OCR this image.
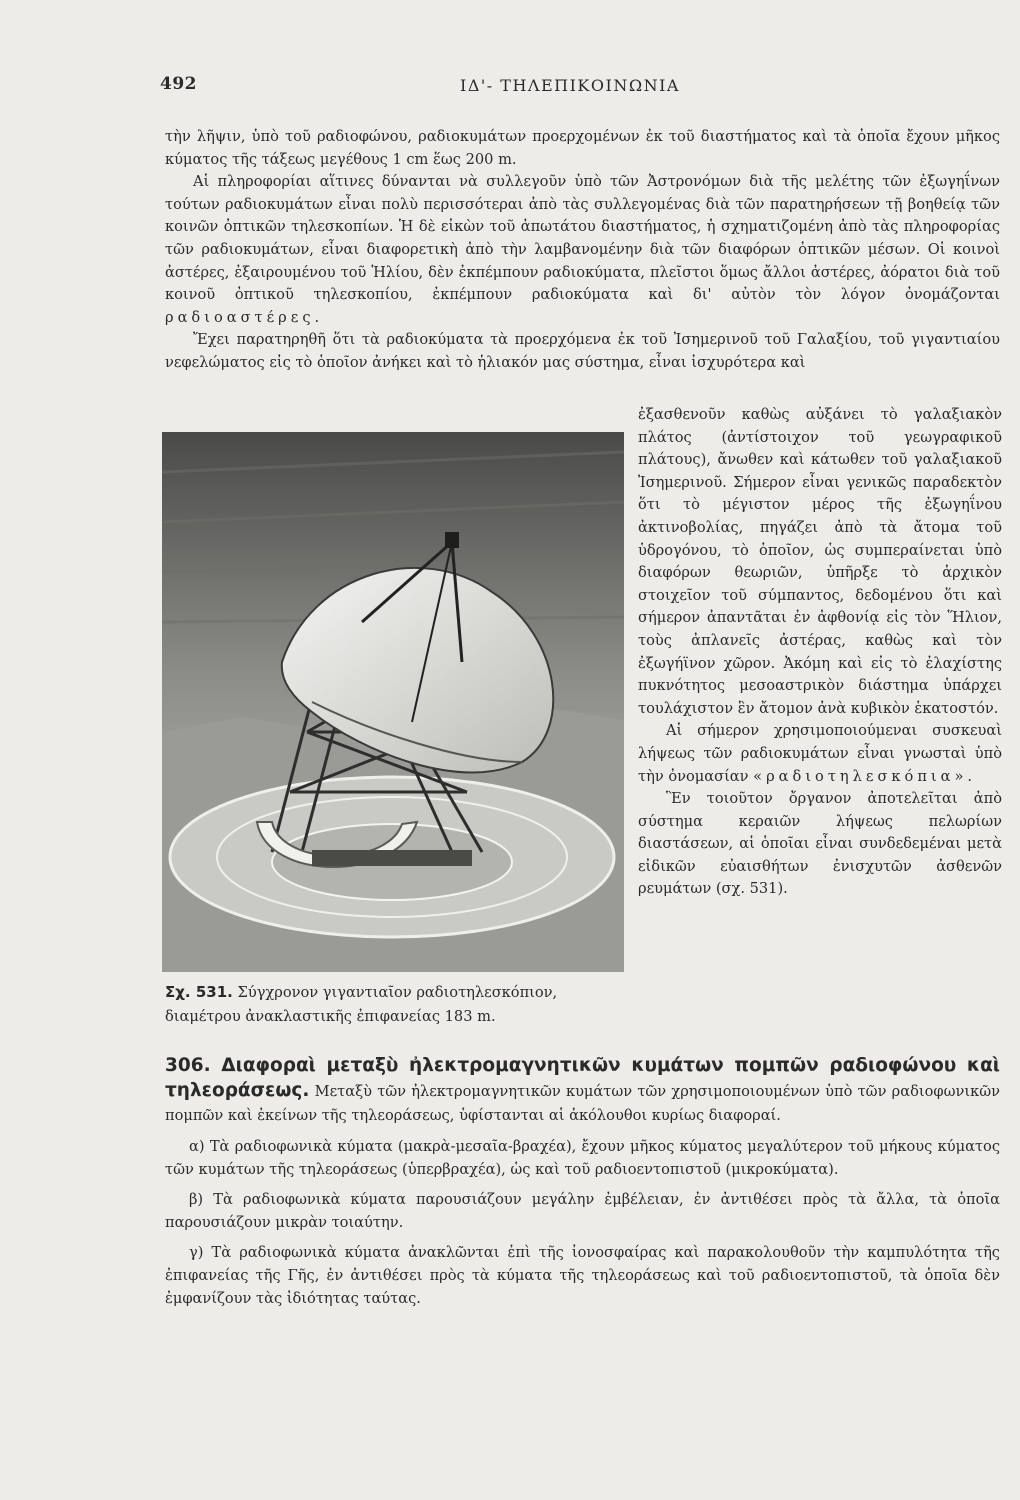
492	ΙΔ'- ΤΗΛΕΠΙΚΟΙΝΩΝΙΑ

τὴν λῆψιν, ὑπὸ τοῦ ραδιοφώνου, ραδιοκυμάτων προερχομένων ἐκ τοῦ διαστήματος καὶ τὰ ὁποῖα ἔχουν μῆκος κύματος τῆς τάξεως μεγέθους 1 cm ἕως 200 m.

Αἱ πληροφορίαι αἵτινες δύνανται νὰ συλλεγοῦν ὑπὸ τῶν Ἀστρονόμων διὰ τῆς μελέτης τῶν ἐξωγηΐνων τούτων ραδιοκυμάτων εἶναι πολὺ περισσότεραι ἀπὸ τὰς συλλεγομένας διὰ τῶν παρατηρήσεων τῇ βοηθείᾳ τῶν κοινῶν ὀπτικῶν τηλεσκοπίων. Ἡ δὲ εἰκὼν τοῦ ἀπωτάτου διαστήματος, ἡ σχηματιζομένη ἀπὸ τὰς πληροφορίας τῶν ραδιοκυμάτων, εἶναι διαφορετικὴ ἀπὸ τὴν λαμβανομένην διὰ τῶν διαφόρων ὀπτικῶν μέσων. Οἱ κοινοὶ ἀστέρες, ἐξαιρουμένου τοῦ Ἡλίου, δὲν ἐκπέμπουν ραδιοκύματα, πλεῖστοι ὅμως ἄλλοι ἀστέρες, ἀόρατοι διὰ τοῦ κοινοῦ ὀπτικοῦ τηλεσκοπίου, ἐκπέμπουν ραδιοκύματα καὶ δι' αὐτὸν τὸν λόγον ὀνομάζονται ραδιοαστέρες.

Ἔχει παρατηρηθῆ ὅτι τὰ ραδιοκύματα τὰ προερχόμενα ἐκ τοῦ Ἰσημερινοῦ τοῦ Γαλαξίου, τοῦ γιγαντιαίου νεφελώματος εἰς τὸ ὁποῖον ἀνήκει καὶ τὸ ἡλιακόν μας σύστημα, εἶναι ἰσχυρότερα καὶ

ἐξασθενοῦν καθὼς αὐξάνει τὸ γαλαξιακὸν πλάτος (ἀντίστοιχον τοῦ γεωγραφικοῦ πλάτους), ἄνωθεν καὶ κάτωθεν τοῦ γαλαξιακοῦ Ἰσημερινοῦ. Σήμερον εἶναι γενικῶς παραδεκτὸν ὅτι τὸ μέγιστον μέρος τῆς ἐξωγηΐνου ἀκτινοβολίας, πηγάζει ἀπὸ τὰ ἄτομα τοῦ ὑδρογόνου, τὸ ὁποῖον, ὡς συμπεραίνεται ὑπὸ διαφόρων θεωριῶν, ὑπῆρξε τὸ ἀρχικὸν στοιχεῖον τοῦ σύμπαντος, δεδομένου ὅτι καὶ σήμερον ἀπαντᾶται ἐν ἀφθονίᾳ εἰς τὸν Ἥλιον, τοὺς ἀπλανεῖς ἀστέρας, καθὼς καὶ τὸν ἐξωγήϊνον χῶρον. Ἀκόμη καὶ εἰς τὸ ἐλαχίστης πυκνότητος μεσοαστρικὸν διάστημα ὑπάρχει τουλάχιστον ἓν ἄτομον ἀνὰ κυβικὸν ἑκατοστόν.

Αἱ σήμερον χρησιμοποιούμεναι συσκευαὶ λήψεως τῶν ραδιοκυμάτων εἶναι γνωσταὶ ὑπὸ τὴν ὀνομασίαν «ραδιοτηλεσκόπια».

Ἓν τοιοῦτον ὄργανον ἀποτελεῖται ἀπὸ σύστημα κεραιῶν λήψεως πελωρίων διαστάσεων, αἱ ὁποῖαι εἶναι συνδεδεμέναι μετὰ εἰδικῶν εὐαισθήτων ἐνισχυτῶν ἀσθενῶν ρευμάτων (σχ. 531).

Σχ. 531. Σύγχρονον γιγαντιαῖον ραδιοτηλεσκόπιον, διαμέτρου ἀνακλαστικῆς ἐπιφανείας 183 m.

306. Διαφοραὶ μεταξὺ ἠλεκτρομαγνητικῶν κυμάτων πομπῶν ραδιοφώνου καὶ τηλεοράσεως. Μεταξὺ τῶν ἠλεκτρομαγνητικῶν κυμάτων τῶν χρησιμοποιουμένων ὑπὸ τῶν ραδιοφωνικῶν πομπῶν καὶ ἐκείνων τῆς τηλεοράσεως, ὑφίστανται αἱ ἀκόλουθοι κυρίως διαφοραί.

α) Τὰ ραδιοφωνικὰ κύματα (μακρὰ-μεσαῖα-βραχέα), ἔχουν μῆκος κύματος μεγαλύτερον τοῦ μήκους κύματος τῶν κυμάτων τῆς τηλεοράσεως (ὑπερβραχέα), ὡς καὶ τοῦ ραδιοεντοπιστοῦ (μικροκύματα).

β) Τὰ ραδιοφωνικὰ κύματα παρουσιάζουν μεγάλην ἐμβέλειαν, ἐν ἀντιθέσει πρὸς τὰ ἄλλα, τὰ ὁποῖα παρουσιάζουν μικρὰν τοιαύτην.

γ) Τὰ ραδιοφωνικὰ κύματα ἀνακλῶνται ἐπὶ τῆς ἰονοσφαίρας καὶ παρακολουθοῦν τὴν καμπυλότητα τῆς ἐπιφανείας τῆς Γῆς, ἐν ἀντιθέσει πρὸς τὰ κύματα τῆς τηλεοράσεως καὶ τοῦ ραδιοεντοπιστοῦ, τὰ ὁποῖα δὲν ἐμφανίζουν τὰς ἰδιότητας ταύτας.
